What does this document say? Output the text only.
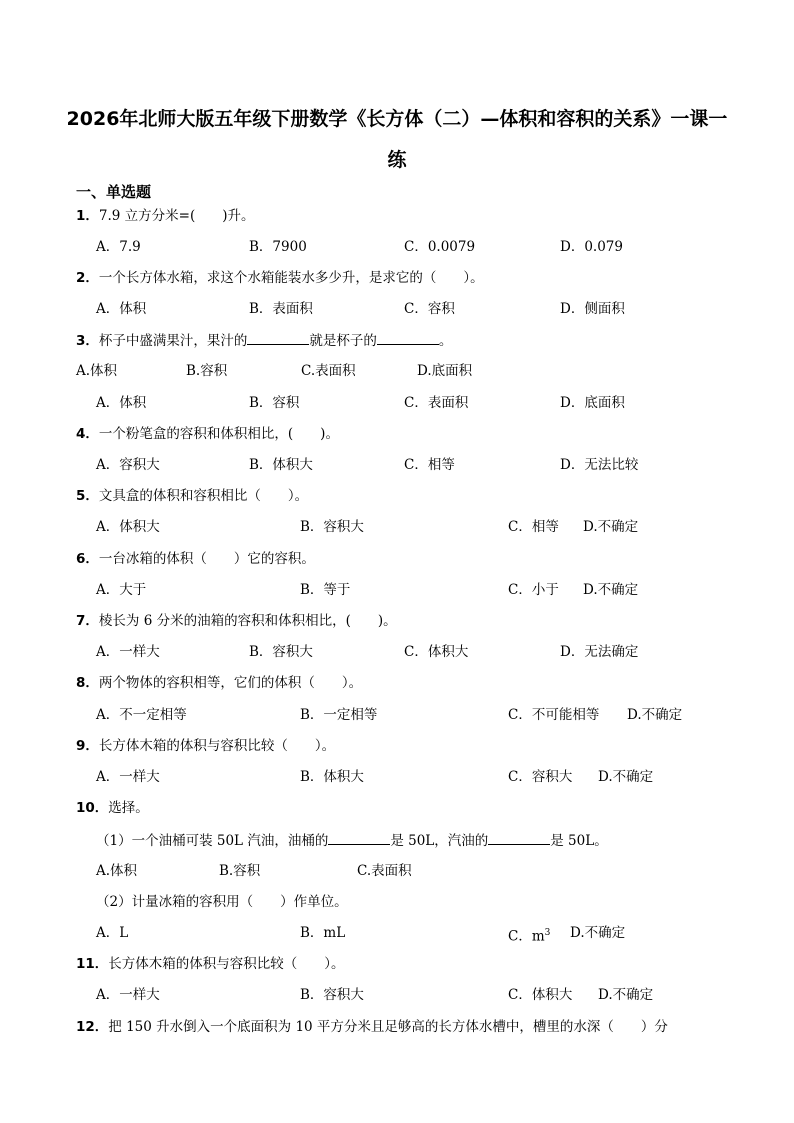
2026年北师大版五年级下册数学《长方体（二）—体积和容积的关系》一课一
练
一、单选题
1．7.9 立方分米=(　　)升。
A．7.9	B．7900	C．0.0079	D．0.079
2．一个长方体水箱，求这个水箱能装水多少升，是求它的（　　）。
A．体积	B．表面积	C．容积	D．侧面积
3．杯子中盛满果汁，果汁的	就是杯子的	。
A.体积	B.容积	C.表面积	D.底面积
A．体积	B．容积	C．表面积	D．底面积
4．一个粉笔盒的容积和体积相比，(　　)。
A．容积大	B．体积大	C．相等	D．无法比较
5．文具盒的体积和容积相比（　　）。
A．体积大	B．容积大	C．相等 D.不确定
6．一台冰箱的体积（　　）它的容积。
A．大于	B．等于	C．小于 D.不确定
7．棱长为 6 分米的油箱的容积和体积相比，(　　)。
A．一样大	B．容积大	C．体积大	D．无法确定
8．两个物体的容积相等，它们的体积（　　）。
A．不一定相等	B．一定相等	C．不可能相等 D.不确定
9．长方体木箱的体积与容积比较（　　）。
A．一样大	B．体积大	C．容积大 D.不确定
10．选择。
（1）一个油桶可装 50L 汽油，油桶的	是 50L，汽油的	是 50L。
A.体积	B.容积	C.表面积
（2）计量冰箱的容积用（　　）作单位。
A．L	B．mL	C．$m^3$ D.不确定
11．长方体木箱的体积与容积比较（　　）。
A．一样大	B．容积大	C．体积大 D.不确定
12．把 150 升水倒入一个底面积为 10 平方分米且足够高的长方体水槽中，槽里的水深（　　）分
